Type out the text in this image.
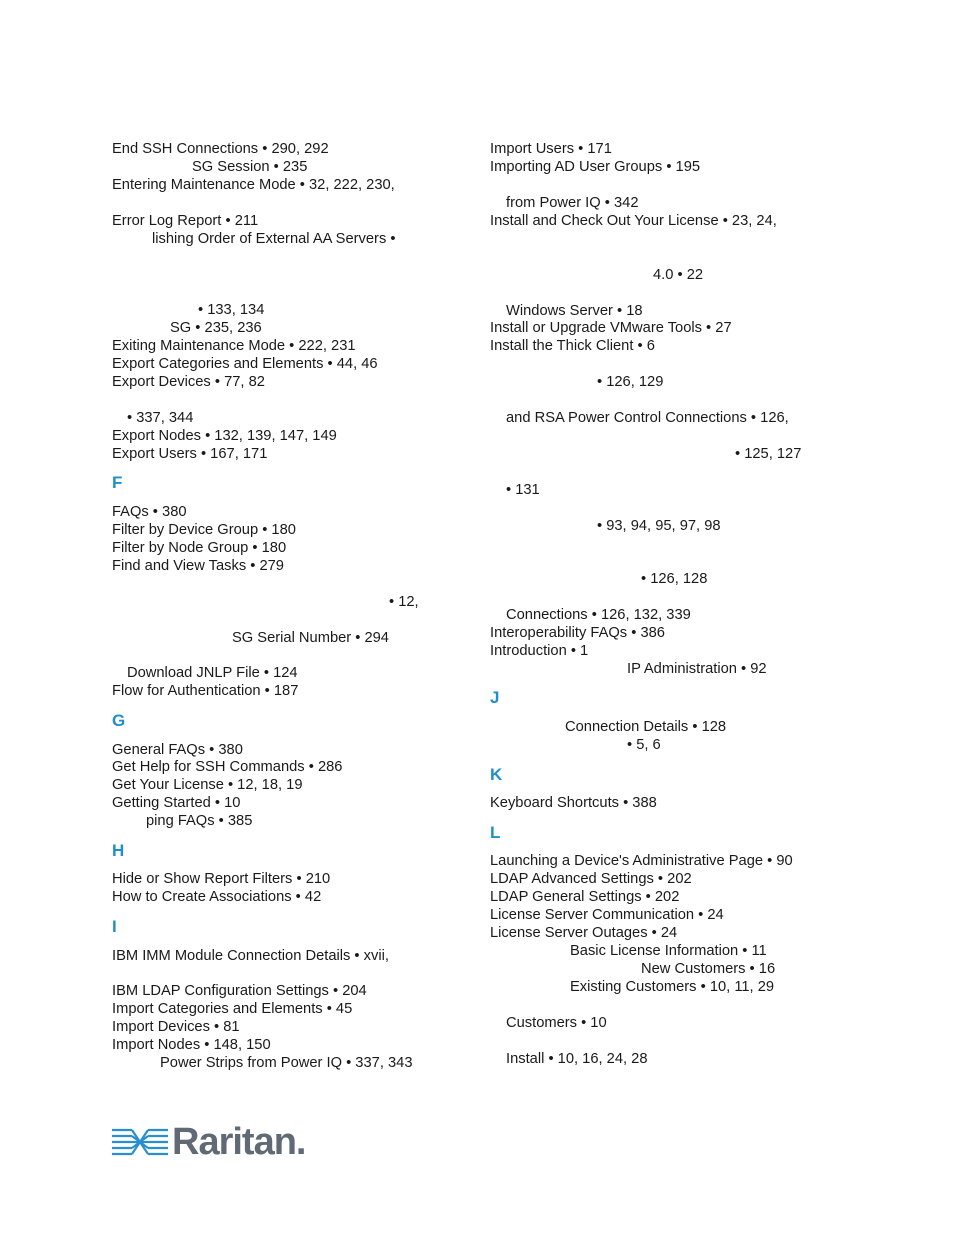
End SSH Connections • 290, 292
SG Session • 235
Entering Maintenance Mode • 32, 222, 230,
Error Log Report • 211
lishing Order of External AA Servers •
• 133, 134
SG • 235, 236
Exiting Maintenance Mode • 222, 231
Export Categories and Elements • 44, 46
Export Devices • 77, 82
• 337, 344
Export Nodes • 132, 139, 147, 149
Export Users • 167, 171
F
FAQs • 380
Filter by Device Group • 180
Filter by Node Group • 180
Find and View Tasks • 279
• 12,
SG Serial Number • 294
Download JNLP File • 124
Flow for Authentication • 187
G
General FAQs • 380
Get Help for SSH Commands • 286
Get Your License • 12, 18, 19
Getting Started • 10
ping FAQs • 385
H
Hide or Show Report Filters • 210
How to Create Associations • 42
I
IBM IMM Module Connection Details • xvii,
IBM LDAP Configuration Settings • 204
Import Categories and Elements • 45
Import Devices • 81
Import Nodes • 148, 150
Power Strips from Power IQ • 337, 343
Import Users • 171
Importing AD User Groups • 195
from Power IQ • 342
Install and Check Out Your License • 23, 24,
4.0 • 22
Windows Server • 18
Install or Upgrade VMware Tools • 27
Install the Thick Client • 6
• 126, 129
and RSA Power Control Connections • 126,
• 125, 127
• 131
• 93, 94, 95, 97, 98
• 126, 128
Connections • 126, 132, 339
Interoperability FAQs • 386
Introduction • 1
IP Administration • 92
J
Connection Details • 128
• 5, 6
K
Keyboard Shortcuts • 388
L
Launching a Device's Administrative Page • 90
LDAP Advanced Settings • 202
LDAP General Settings • 202
License Server Communication • 24
License Server Outages • 24
Basic License Information • 11
New Customers • 16
Existing Customers • 10, 11, 29
Customers • 10
Install • 10, 16, 24, 28
Raritan.
